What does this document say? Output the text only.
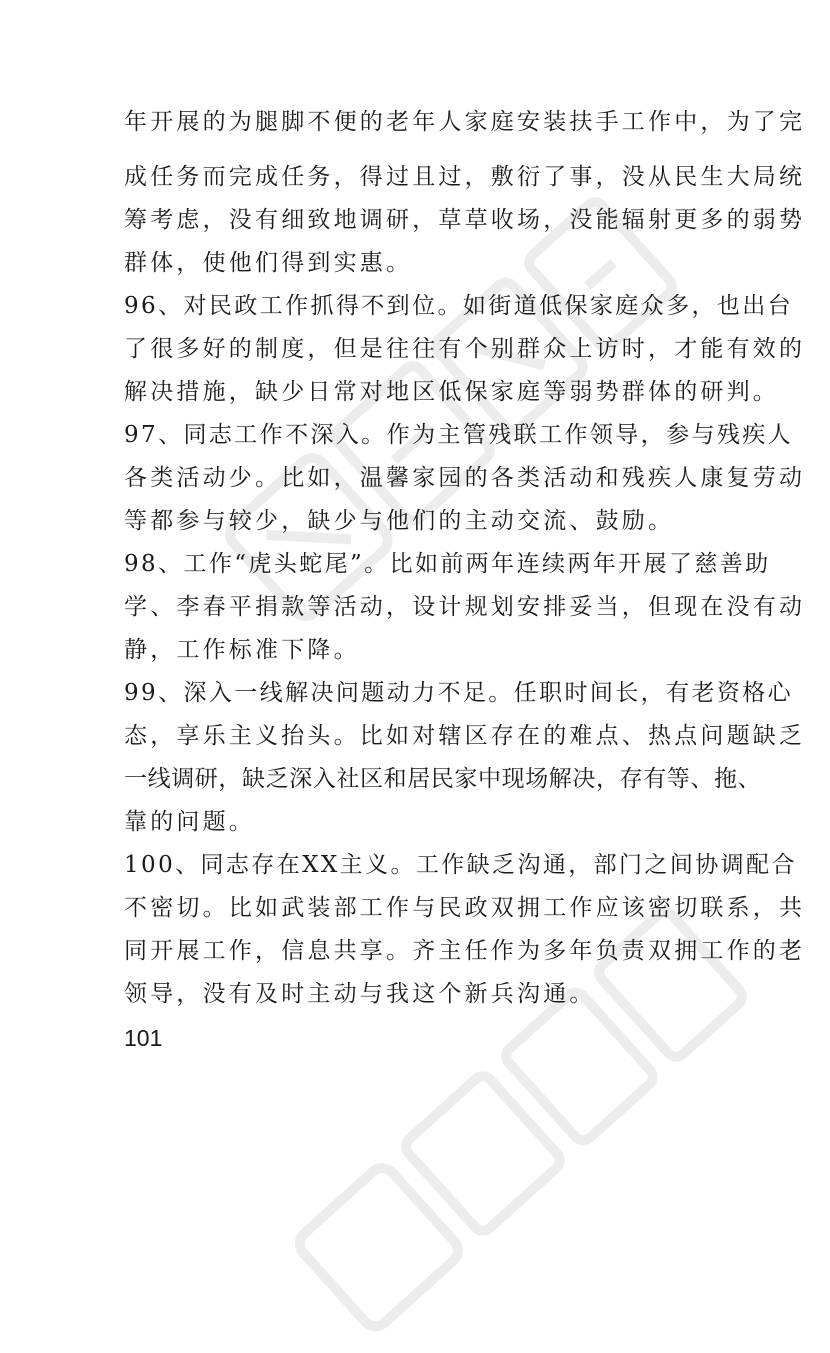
年开展的为腿脚不便的老年人家庭安装扶手工作中，为了完
成任务而完成任务，得过且过，敷衍了事，没从民生大局统
筹考虑，没有细致地调研，草草收场，没能辐射更多的弱势
群体，使他们得到实惠。
96、对民政工作抓得不到位。如街道低保家庭众多，也出台
了很多好的制度，但是往往有个别群众上访时，才能有效的
解决措施，缺少日常对地区低保家庭等弱势群体的研判。
97、同志工作不深入。作为主管残联工作领导，参与残疾人
各类活动少。比如，温馨家园的各类活动和残疾人康复劳动
等都参与较少，缺少与他们的主动交流、鼓励。
98、工作“虎头蛇尾”。比如前两年连续两年开展了慈善助
学、李春平捐款等活动，设计规划安排妥当，但现在没有动
静，工作标准下降。
99、深入一线解决问题动力不足。任职时间长，有老资格心
态，享乐主义抬头。比如对辖区存在的难点、热点问题缺乏
一线调研，缺乏深入社区和居民家中现场解决，存有等、拖、
靠的问题。
100、同志存在XX主义。工作缺乏沟通，部门之间协调配合
不密切。比如武装部工作与民政双拥工作应该密切联系，共
同开展工作，信息共享。齐主任作为多年负责双拥工作的老
领导，没有及时主动与我这个新兵沟通。
101
